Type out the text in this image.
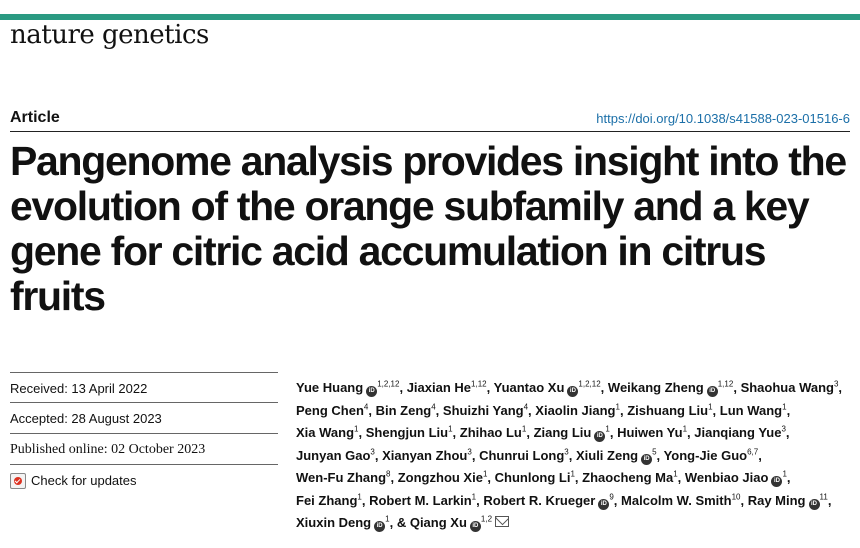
nature genetics
Article	https://doi.org/10.1038/s41588-023-01516-6
Pangenome analysis provides insight into the evolution of the orange subfamily and a key gene for citric acid accumulation in citrus fruits
Received: 13 April 2022
Accepted: 28 August 2023
Published online: 02 October 2023
Check for updates
Yue Huang iD$^{1,2,12}$, Jiaxian He$^{1,12}$, Yuantao Xu iD$^{1,2,12}$, Weikang Zheng iD$^{1,12}$, Shaohua Wang$^3$, Peng Chen$^4$, Bin Zeng$^4$, Shuizhi Yang$^4$, Xiaolin Jiang$^1$, Zishuang Liu$^1$, Lun Wang$^1$, Xia Wang$^1$, Shengjun Liu$^1$, Zhihao Lu$^1$, Ziang Liu $iD^1$, Huiwen Yu$^1$, Jianqiang Yue$^3$, Junyan Gao$^3$, Xianyan Zhou$^3$, Chunrui Long$^3$, Xiuli Zeng $iD^5$, Yong-Jie Guo$^{6,7}$, Wen-Fu Zhang$^8$, Zongzhou Xie$^1$, Chunlong Li$^1$, Zhaocheng Ma$^1$, Wenbiao Jiao $iD^1$, Fei Zhang$^1$, Robert M. Larkin$^1$, Robert R. Krueger $iD^9$, Malcolm W. Smith$^{10}$, Ray Ming $iD^{11}$, Xiuxin Deng $iD^1$, & Qiang Xu iD$^{1,2}$
